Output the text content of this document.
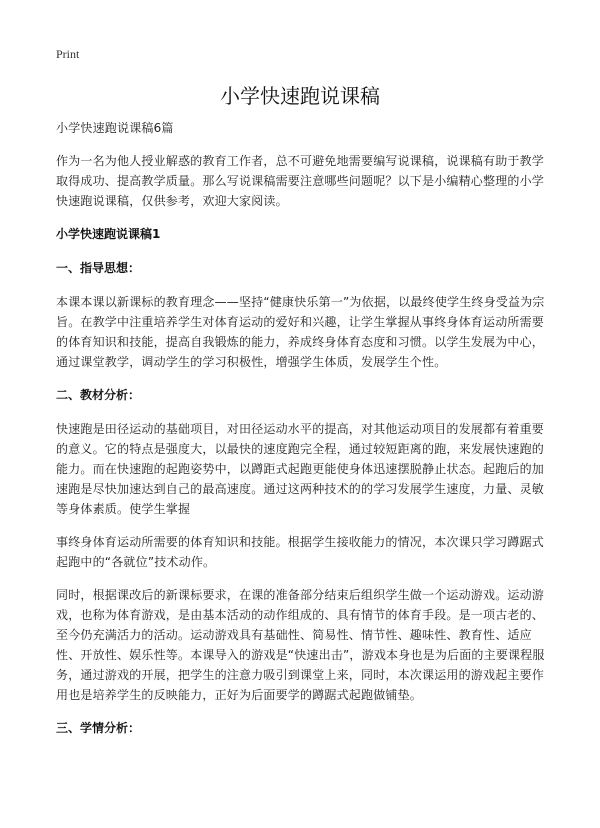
Print
小学快速跑说课稿

小学快速跑说课稿6篇

作为一名为他人授业解惑的教育工作者，总不可避免地需要编写说课稿，说课稿有助于教学取得成功、提高教学质量。那么写说课稿需要注意哪些问题呢？以下是小编精心整理的小学快速跑说课稿，仅供参考，欢迎大家阅读。

小学快速跑说课稿1
一、指导思想：

本课本课以新课标的教育理念——坚持“健康快乐第一”为依据，以最终使学生终身受益为宗旨。在教学中注重培养学生对体育运动的爱好和兴趣，让学生掌握从事终身体育运动所需要的体育知识和技能，提高自我锻炼的能力，养成终身体育态度和习惯。以学生发展为中心，通过课堂教学，调动学生的学习积极性，增强学生体质，发展学生个性。

二、教材分析：

快速跑是田径运动的基础项目，对田径运动水平的提高，对其他运动项目的发展都有着重要的意义。它的特点是强度大，以最快的速度跑完全程，通过较短距离的跑，来发展快速跑的能力。而在快速跑的起跑姿势中，以蹲距式起跑更能使身体迅速摆脱静止状态。起跑后的加速跑是尽快加速达到自己的最高速度。通过这两种技术的的学习发展学生速度，力量、灵敏等身体素质。使学生掌握

事终身体育运动所需要的体育知识和技能。根据学生接收能力的情况，本次课只学习蹲踞式起跑中的“各就位”技术动作。

同时，根据课改后的新课标要求，在课的准备部分结束后组织学生做一个运动游戏。运动游戏，也称为体育游戏，是由基本活动的动作组成的、具有情节的体育手段。是一项古老的、至今仍充满活力的活动。运动游戏具有基础性、简易性、情节性、趣味性、教育性、适应性、开放性、娱乐性等。本课导入的游戏是“快速出击”，游戏本身也是为后面的主要课程服务，通过游戏的开展，把学生的注意力吸引到课堂上来，同时，本次课运用的游戏起主要作用也是培养学生的反映能力，正好为后面要学的蹲踞式起跑做铺垫。

三、学情分析：
